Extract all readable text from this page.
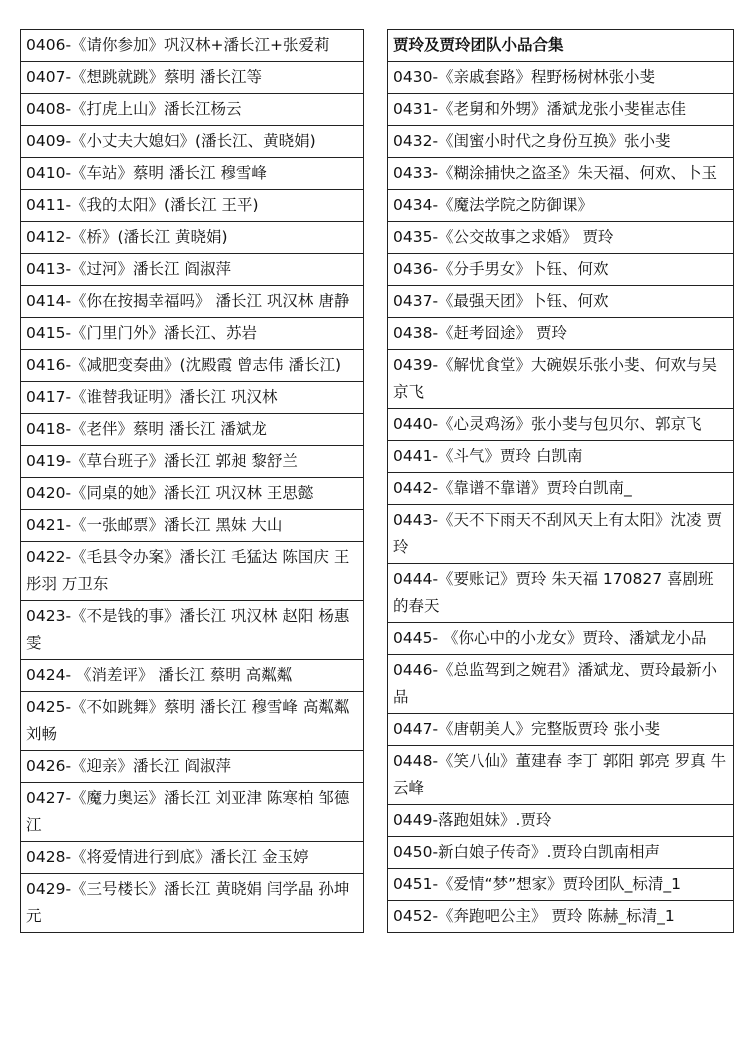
0406-《请你参加》巩汉林+潘长江+张爱莉
0407-《想跳就跳》蔡明 潘长江等
0408-《打虎上山》潘长江杨云
0409-《小丈夫大媳妇》(潘长江、黄晓娟)
0410-《车站》蔡明 潘长江 穆雪峰
0411-《我的太阳》(潘长江 王平)
0412-《桥》(潘长江 黄晓娟)
0413-《过河》潘长江 阎淑萍
0414-《你在按揭幸福吗》 潘长江 巩汉林 唐静
0415-《门里门外》潘长江、苏岩
0416-《减肥变奏曲》(沈殿霞 曾志伟 潘长江)
0417-《谁替我证明》潘长江 巩汉林
0418-《老伴》蔡明 潘长江 潘斌龙
0419-《草台班子》潘长江 郭昶 黎舒兰
0420-《同桌的她》潘长江 巩汉林 王思懿
0421-《一张邮票》潘长江 黑妹 大山
0422-《毛县令办案》潘长江 毛猛达 陈国庆 王彤羽 万卫东
0423-《不是钱的事》潘长江 巩汉林 赵阳 杨惠雯
0424- 《消差评》 潘长江 蔡明 高粼粼
0425-《不如跳舞》蔡明 潘长江 穆雪峰 高粼粼 刘畅
0426-《迎亲》潘长江 阎淑萍
0427-《魔力奥运》潘长江 刘亚津 陈寒柏 邹德江
0428-《将爱情进行到底》潘长江 金玉婷
0429-《三号楼长》潘长江 黄晓娟 闫学晶 孙坤元
贾玲及贾玲团队小品合集
0430-《亲戚套路》程野杨树林张小斐
0431-《老舅和外甥》潘斌龙张小斐崔志佳
0432-《闺蜜小时代之身份互换》张小斐
0433-《糊涂捕快之盗圣》朱天福、何欢、卜玉
0434-《魔法学院之防御课》
0435-《公交故事之求婚》 贾玲
0436-《分手男女》卜钰、何欢
0437-《最强天团》卜钰、何欢
0438-《赶考囧途》 贾玲
0439-《解忧食堂》大碗娱乐张小斐、何欢与吴京飞
0440-《心灵鸡汤》张小斐与包贝尔、郭京飞
0441-《斗气》贾玲 白凯南
0442-《靠谱不靠谱》贾玲白凯南_
0443-《天不下雨天不刮风天上有太阳》沈凌 贾玲
0444-《要账记》贾玲 朱天福 170827 喜剧班的春天
0445- 《你心中的小龙女》贾玲、潘斌龙小品
0446-《总监驾到之婉君》潘斌龙、贾玲最新小品
0447-《唐朝美人》完整版贾玲 张小斐
0448-《笑八仙》董建春 李丁 郭阳 郭亮 罗真 牛云峰
0449-落跑姐妹》.贾玲
0450-新白娘子传奇》.贾玲白凯南相声
0451-《爱情“梦”想家》贾玲团队_标清_1
0452-《奔跑吧公主》 贾玲 陈赫_标清_1
